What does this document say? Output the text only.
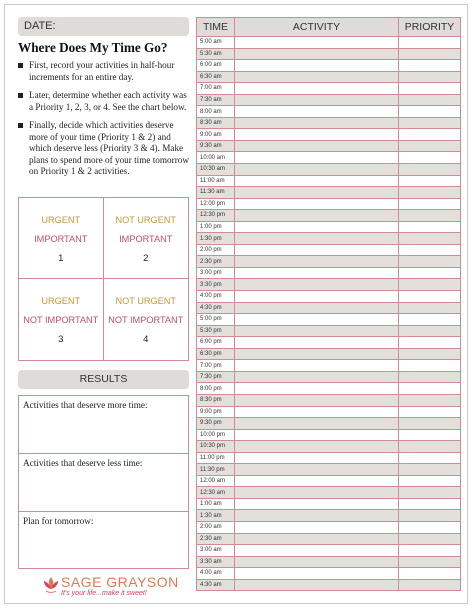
DATE:
Where Does My Time Go?
First, record your activities in half-hour increments for an entire day.
Later, determine whether each activity was a Priority 1, 2, 3, or 4. See the chart below.
Finally, decide which activities deserve more of your time (Priority 1 & 2) and which deserve less (Priority 3 & 4). Make plans to spend more of your time tomorrow on Priority 1 & 2 activities.
URGENT
IMPORTANT
1
NOT URGENT
IMPORTANT
2
URGENT
NOT IMPORTANT
3
NOT URGENT
NOT IMPORTANT
4
RESULTS
Activities that deserve more time:
Activities that deserve less time:
Plan for tomorrow:
SAGE GRAYSON
It's your life...make it sweet!
TIME	ACTIVITY	PRIORITY
5:00 am		
5:30 am		
6:00 am		
6:30 am		
7:00 am		
7:30 am		
8:00 am		
8:30 am		
9:00 am		
9:30 am		
10:00 am		
10:30 am		
11:00 am		
11:30 am		
12:00 pm		
12:30 pm		
1:00 pm		
1:30 pm		
2:00 pm		
2:30 pm		
3:00 pm		
3:30 pm		
4:00 pm		
4:30 pm		
5:00 pm		
5:30 pm		
6:00 pm		
6:30 pm		
7:00 pm		
7:30 pm		
8:00 pm		
8:30 pm		
9:00 pm		
9:30 pm		
10:00 pm		
10:30 pm		
11:00 pm		
11:30 pm		
12:00 am		
12:30 am		
1:00 am		
1:30 am		
2:00 am		
2:30 am		
3:00 am		
3:30 am		
4:00 am		
4:30 am		
